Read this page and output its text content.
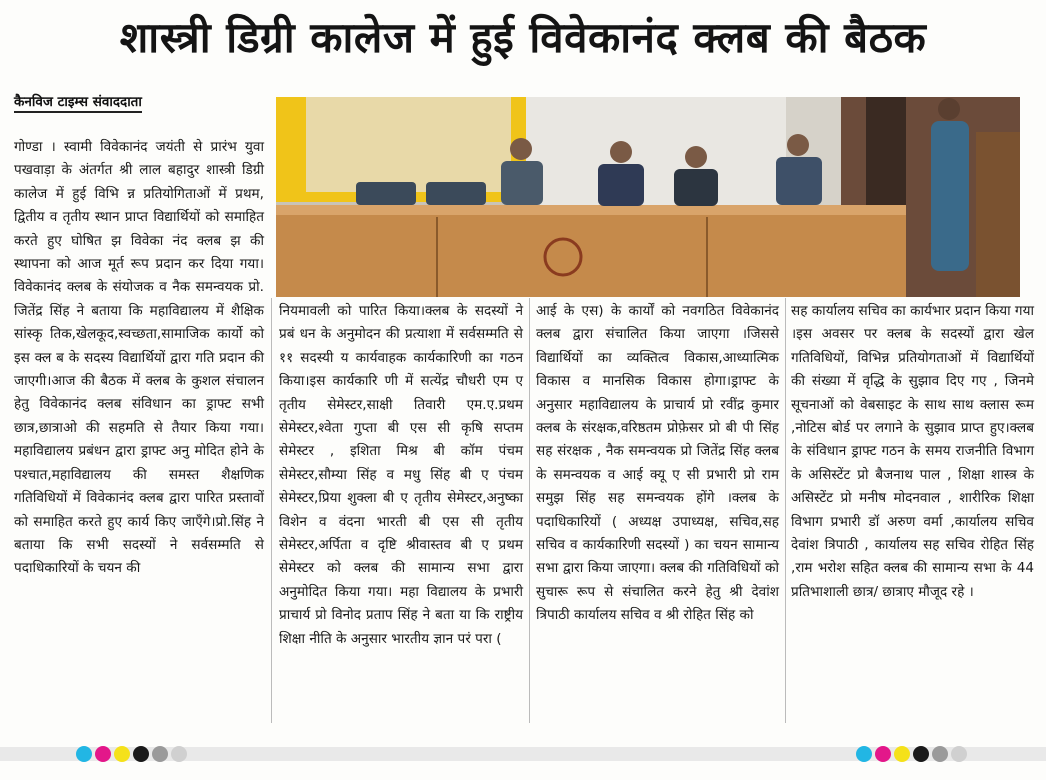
शास्त्री डिग्री कालेज में हुई विवेकानंद क्लब की बैठक
कैनविज टाइम्स संवाददाता

गोण्डा । स्वामी विवेकानंद जयंती से प्रारंभ युवा पखवाड़ा के अंतर्गत श्री लाल बहादुर शास्त्री डिग्री कालेज में हुई विभि न्न प्रतियोगिताओं में प्रथम, द्वितीय व तृतीय स्थान प्राप्त विद्यार्थियों को समाहित करते हुए घोषित झ विवेका नंद क्लब झ की स्थापना को आज मूर्त रूप प्रदान कर दिया गया।विवेकानंद क्लब के संयोजक व नैक समन्वयक प्रो. जितेंद्र सिंह ने बताया कि महाविद्यालय में शैक्षिक सांस्कृ तिक,खेलकूद,स्वच्छता,सामाजिक कार्यो को इस क्ल ब के सदस्य विद्यार्थियों द्वारा गति प्रदान की जाएगी।आज की बैठक में क्लब के कुशल संचालन हेतु विवेकानंद क्लब संविधान का ड्राफ्ट सभी छात्र,छात्राओ की सहमति से तैयार किया गया।महाविद्यालय प्रबंधन द्वारा ड्राफ्ट अनु मोदित होने के पश्चात,महाविद्यालय की समस्त शैक्षणिक गतिविधियों में विवेकानंद क्लब द्वारा पारित प्रस्तावों को समाहित करते हुए कार्य किए जाएँगे।प्रो.सिंह ने बताया कि सभी सदस्यों ने सर्वसम्मति से पदाधिकारियों के चयन की

नियमावली को पारित किया।क्लब के सदस्यों ने प्रबं धन के अनुमोदन की प्रत्याशा में सर्वसम्मति से ११ सदस्यी य कार्यवाहक कार्यकारिणी का गठन किया।इस कार्यकारि णी में सत्येंद्र चौधरी एम ए तृतीय सेमेस्टर,साक्षी तिवारी एम.ए.प्रथम सेमेस्टर,श्वेता गुप्ता बी एस सी कृषि सप्तम सेमेस्टर , इशिता मिश्र बी कॉम पंचम सेमेस्टर,सौम्या सिंह व मधु सिंह बी ए पंचम सेमेस्टर,प्रिया शुक्ला बी ए तृतीय सेमेस्टर,अनुष्का विशेन व वंदना भारती बी एस सी तृतीय सेमेस्टर,अर्पिता व दृष्टि श्रीवास्तव बी ए प्रथम सेमेस्टर को क्लब की सामान्य सभा द्वारा अनुमोदित किया गया। महा विद्यालय के प्रभारी प्राचार्य प्रो विनोद प्रताप सिंह ने बता या कि राष्ट्रीय शिक्षा नीति के अनुसार भारतीय ज्ञान परं परा (

आई के एस) के कार्यों को नवगठित विवेकानंद क्लब द्वारा संचालित किया जाएगा ।जिससे विद्यार्थियों का व्यक्तित्व विकास,आध्यात्मिक विकास व मानसिक विकास होगा।ड्राफ्ट के अनुसार महाविद्यालय के प्राचार्य प्रो रवींद्र कुमार क्लब के संरक्षक,वरिष्ठतम प्रोफ़ेसर प्रो बी पी सिंह सह संरक्षक , नैक समन्वयक प्रो जितेंद्र सिंह क्लब के समन्वयक व आई क्यू ए सी प्रभारी प्रो राम समुझ सिंह सह समन्वयक होंगे ।क्लब के पदाधिकारियों ( अध्यक्ष उपाध्यक्ष, सचिव,सह सचिव व कार्यकारिणी सदस्यों ) का चयन सामान्य सभा द्वारा किया जाएगा। क्लब की गतिविधियों को सुचारू रूप से संचालित करने हेतु श्री देवांश त्रिपाठी कार्यालय सचिव व श्री रोहित सिंह को

सह कार्यालय सचिव का कार्यभार प्रदान किया गया ।इस अवसर पर क्लब के सदस्यों द्वारा खेल गतिविधियों, विभिन्न प्रतियोगताओं में विद्यार्थियों की संख्या में वृद्धि के सुझाव दिए गए , जिनमे सूचनाओं को वेबसाइट के साथ साथ क्लास रूम ,नोटिस बोर्ड पर लगाने के सुझाव प्राप्त हुए।क्लब के संविधान ड्राफ्ट गठन के समय राजनीति विभाग के असिस्टेंट प्रो बैजनाथ पाल , शिक्षा शास्त्र के असिस्टेंट प्रो मनीष मोदनवाल , शारीरिक शिक्षा विभाग प्रभारी डॉ अरुण वर्मा ,कार्यालय सचिव देवांश त्रिपाठी , कार्यालय सह सचिव रोहित सिंह ,राम भरोश सहित क्लब की सामान्य सभा के 44 प्रतिभाशाली छात्र/ छात्राए मौजूद रहे ।
